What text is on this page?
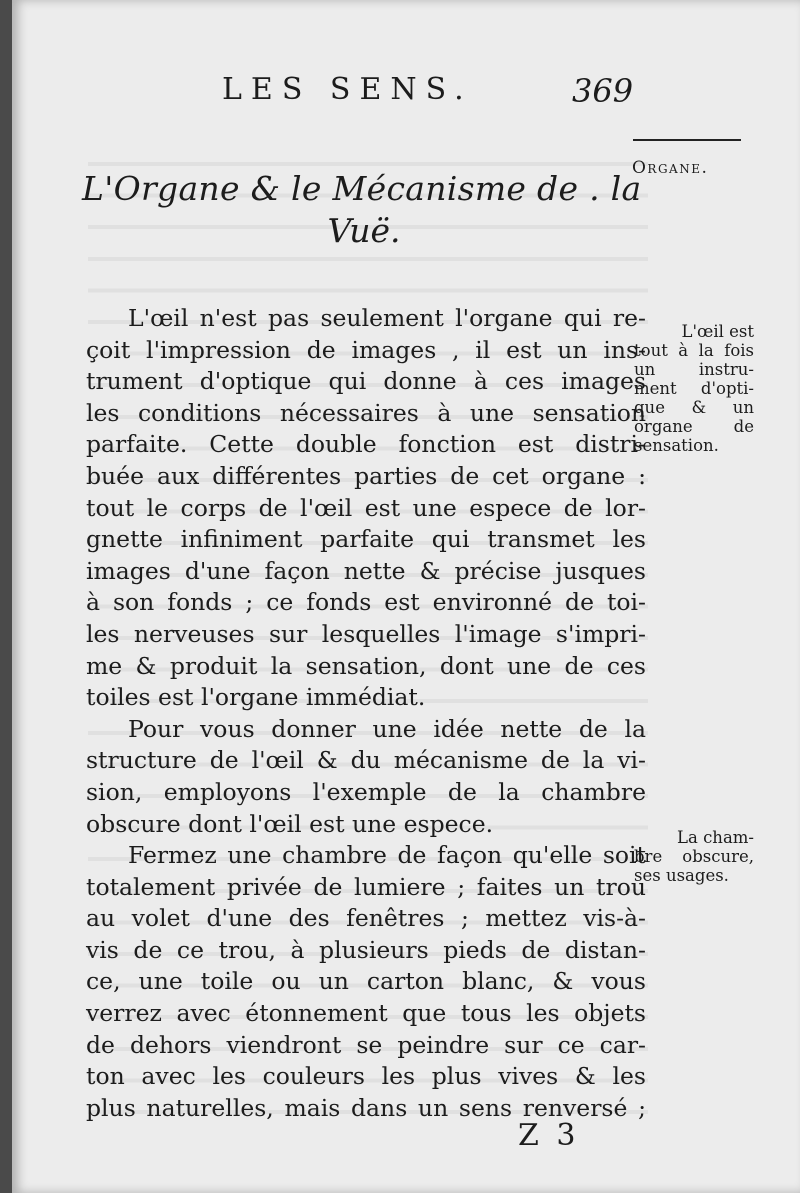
LES SENS.	369
Organe.
L'Organe & le Mécanisme de . la
Vuë.
L'œil n'est pas seulement l'organe qui re-
çoit l'impression de images , il est un ins-
trument d'optique qui donne à ces images
les conditions nécessaires à une sensation
parfaite. Cette double fonction est distri-
buée aux différentes parties de cet organe :
tout le corps de l'œil est une espece de lor-
gnette infiniment parfaite qui transmet les
images d'une façon nette & précise jusques
à son fonds ; ce fonds est environné de toi-
les nerveuses sur lesquelles l'image s'impri-
me & produit la sensation, dont une de ces
toiles est l'organe immédiat.
Pour vous donner une idée nette de la
structure de l'œil & du mécanisme de la vi-
sion, employons l'exemple de la chambre
obscure dont l'œil est une espece.
Fermez une chambre de façon qu'elle soit
totalement privée de lumiere ; faites un trou
au volet d'une des fenêtres ; mettez vis-à-
vis de ce trou, à plusieurs pieds de distan-
ce, une toile ou un carton blanc, & vous
verrez avec étonnement que tous les objets
de dehors viendront se peindre sur ce car-
ton avec les couleurs les plus vives & les
plus naturelles, mais dans un sens renversé ;
L'œil est
tout à la fois
un instru-
ment d'opti-
que & un
organe de
sensation.
La cham-
bre obscure,
ses usages.
Z 3
